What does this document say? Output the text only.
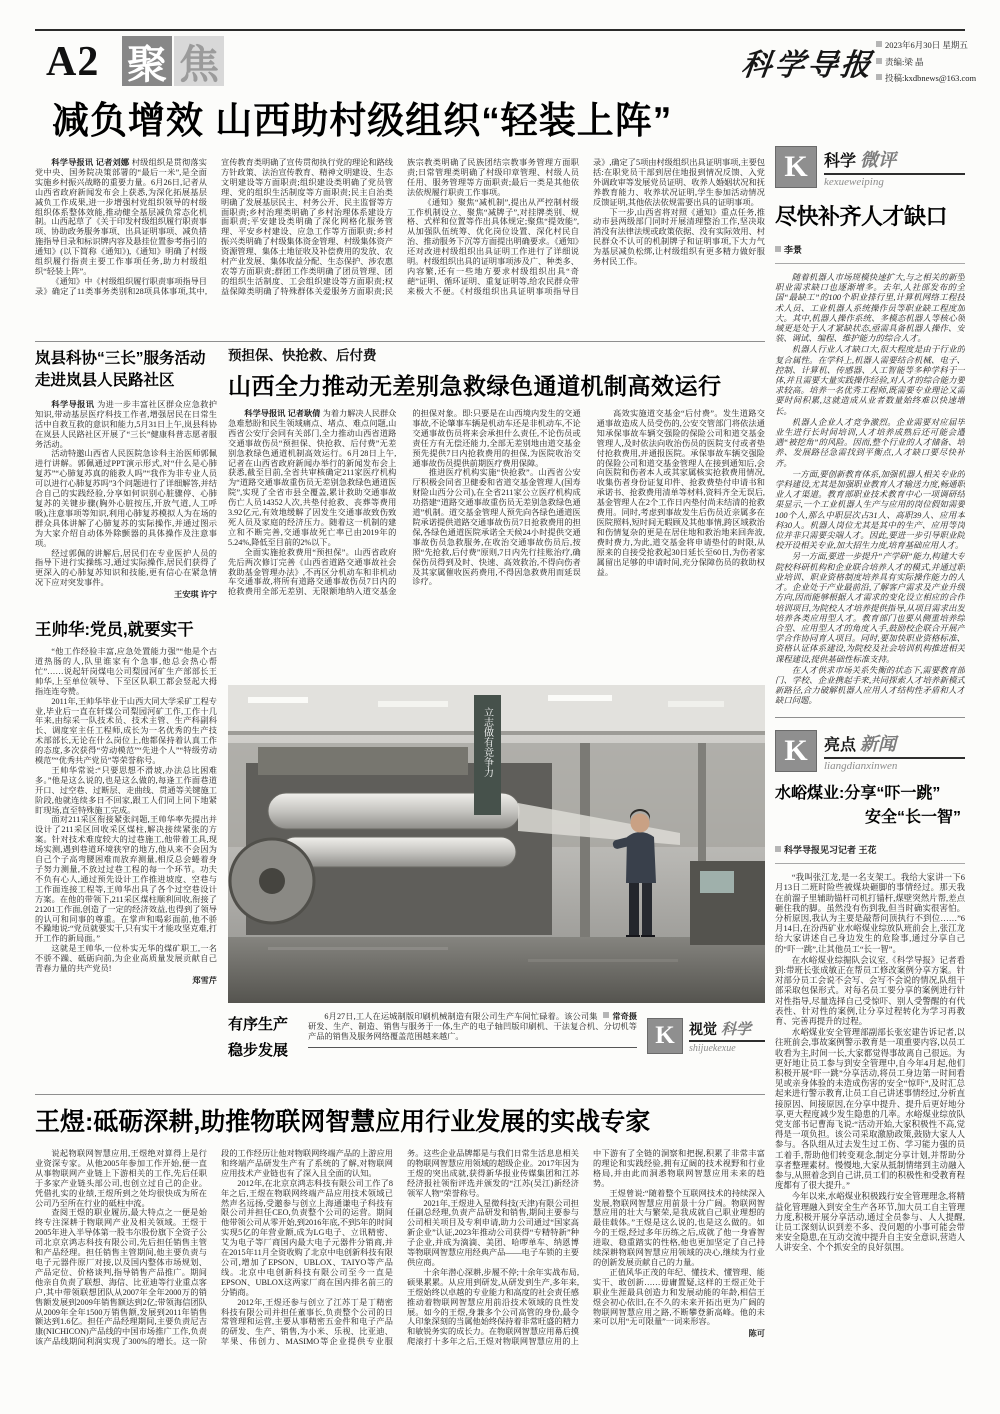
A2 聚 焦	科学导报
2023年6月30日 星期五
责编:梁 晶
投稿:kxdbnews@163.com
减负增效 山西助村级组织“轻装上阵”

科学导报讯 记者刘娜 村级组织是贯彻落实党中央、国务院决策部署的“最后一米”,是全面实施乡村振兴战略的重要力量。6月26日,记者从山西省政府新闻发布会上获悉,为深化拓展基层减负工作成果,进一步增强村党组织领导的村级组织体系整体效能,推动健全基层减负常态化机制。山西起草了《关于印发村级组织履行职责事项、协助政务服务事项、出具证明事项、减负措施指导目录和标识牌内容及悬挂位置参考指引的通知》(以下简称《通知》),《通知》明确了村级组织履行指责主要工作事项任务,助力村级组织“轻装上阵”。

《通知》中《村级组织履行职责事项指导目录》确定了11类事务类别和28项具体事项,其中,宣传教育类明确了宣传贯彻执行党的理论和路线方针政策、法治宣传教育、精神文明建设、生态文明建设等方面职责;组织建设类明确了党员管理、党的组织生活制度等方面职责;民主自治类明确了发展基层民主、村务公开、民主监督等方面职责;乡村治理类明确了乡村治理体系建设方面职责;平安建设类明确了深化网格化服务管理、平安乡村建设、应急工作等方面职责;乡村振兴类明确了村级集体资金管理、村级集体资产资源管理、集体土地征收及补偿费用的发放、农村产业发展、集体收益分配、生态保护、涉农惠农等方面职责;群团工作类明确了团员管理、团的组织生活制度、工会组织建设等方面职责;权益保障类明确了特殊群体关爱服务方面职责;民族宗教类明确了民族团结宗教事务管理方面职责;日常管理类明确了村级印章管理、村级人员任用、服务管理等方面职责;最后一类是其他依法依规履行职责工作事项。

《通知》聚焦“减机制”,提出从严控制村级工作机制设立、聚焦“减牌子”,对挂牌类别、规格、式样和位置等作出具体规定;聚焦“提效能”,从加强队伍统筹、优化岗位设置、深化村民自治、推动服务下沉等方面提出明确要求。《通知》还对改进村级组织出具证明工作进行了详细说明。村级组织出具的证明事项涉及广、种类多、内容繁,还有一些地方要求村级组织出具“奇葩”证明、循环证明、重复证明等,给农民群众带来极大不便。《村级组织出具证明事项指导目录》,确定了5项由村级组织出具证明事项,主要包括:在职党员干部到居住地报到情况反馈、入党外调政审等发展党员证明、收养人婚姻状况和抚养教育能力、收养状况证明,学生参加活动情况反馈证明,其他依法依规需要出具的证明事项。

下一步,山西省将对照《通知》重点任务,推动市县两级部门同时开展清理整治工作,坚决取消没有法律法规或政策依据、没有实际效用、村民群众不认可的机制牌子和证明事项,下大力气为基层减负松绑,让村级组织有更多精力做好服务村民工作。

岚县科协“三长”服务活动
走进岚县人民路社区

科学导报讯 为进一步丰富社区群众应急救护知识,带动基层医疗科技工作者,增强居民在日常生活中自救互救的意识和能力,5月31日上午,岚县科协在岚县人民路社区开展了“三长”健康科普志愿者服务活动。

活动特邀山西省人民医院急诊科主治医师郭佩进行讲解。郭佩通过PPT演示形式,对“什么是心肺复苏”“心肺复苏真的能救人吗”“我作为非专业人员可以进行心肺复苏吗”3个问题进行了详细解答,并结合自己的实践经验,分享如何识别心脏骤停、心肺复苏的关键步骤(胸外心脏按压,开放气道,人工呼吸),注意事项等知识,利用心肺复苏模拟人为在场的群众具体讲解了心肺复苏的实际操作,并通过图示为大家介绍自动体外除颤器的具体操作及注意事项。

经过郭佩的讲解后,居民们在专业医护人员的指导下进行实操练习,通过实际操作,居民们获得了更深入的心肺复苏知识和技能,更有信心在紧急情况下应对突发事件。

王安琪 许宁

王帅华:党员,就要实干

“他工作经验丰富,应急处置能力强”“他是个古道热肠的人,队里谁家有个急事,他总会热心帮忙”……说起轩岗煤电公司梨园河矿生产部部长王帅华,上至单位领导、下至区队职工都会竖起大拇指连连夸赞。

2011年,王帅华毕业于山西大同大学采矿工程专业,毕业后一直在轩煤公司梨园河矿工作,工作十几年来,由综采一队技术员、技术主管、生产科副科长、调度室主任工程师,成长为一名优秀的生产技术部部长,无论在什么岗位上,他都保持着认真工作的态度,多次获得“劳动模范”“先进个人”“特级劳动模范”“优秀共产党员”等荣誉称号。

王帅华常说:“只要思想不滑坡,办法总比困难多。”他是这么说的,也是这么做的,每逢工作面巷道开口、过空巷、过断层、走曲线、贯通等关键施工阶段,他就连续多日不回家,跟工人们同上同下地紧盯现场,直至特殊施工完成。

面对211采区衔接紧张问题,王帅华率先提出并设计了211采区回收采区煤柱,解决接续紧张的方案。针对技术难度较大的过巷施工,他带着工具,现场实测,遇到巷道环境狭窄的地方,他从来不会因为自己个子高弯腰困难而放弃测量,相反总会蜷着身子努力测量,不放过过巷工程的每一个环节。功夫不负有心人,通过预先设计工作推进坡度、空巷与工作面连接工程等,王帅华出具了各个过空巷设计方案。在他的带领下,211采区煤柱顺利回收,衔接了21201工作面,创造了一定的经济效益,也得到了领导的认可和同事的尊重。在掌声和喝彩面前,他不骄不躁地说:“党员就要实干,只有实干才能攻坚克难,打开工作的新局面。”

这就是王帅华,一位朴实无华的煤矿职工,一名不骄不躁、砥砺向前,为企业高质量发展贡献自己青春力量的共产党员!

郑雪芹

预担保、快抢救、后付费
山西全力推动无差别急救绿色通道机制高效运行

科学导报讯 记者耿倩 为着力解决人民群众急难愁盼和民生领域痛点、堵点、难点问题,山西省公安厅会同有关部门,全力推动山西省道路交通事故伤员“预担保、快抢救、后付费”无差别急救绿色通道机制高效运行。6月28日上午,记者在山西省政府新闻办举行的新闻发布会上获悉,截至目前,全省共审核确定211家医疗机构为“道路交通事故重伤员无差别急救绿色通道医院”,实现了全省市县全覆盖,累计救助交通事故伤亡人员14352人次,共垫付抢救、丧葬等费用3.92亿元,有效地缓解了因发生交通事故致伤致死人员及家庭的经济压力。随着这一机制的建立和不断完善,交通事故死亡率已由2019年的5.24%,降低至目前的2%以下。

全面实施抢救费用“预担保”。山西省政府先后两次修订完善《山西省道路交通事故社会救助基金管理办法》,不再区分机动车和非机动车交通事故,将所有道路交通事故伤员7日内的抢救费用全部无差别、无限额地纳入道交基金的担保对象。即:只要是在山西境内发生的交通事故,不论肇事车辆是机动车还是非机动车,不论交通事故伤员将来会承担什么责任,不论伤员或责任方有无偿还能力,全部无差别地由道交基金预先提供7日内抢救费用的担保,为医院收治交通事故伤员提供前期医疗费用保障。

推进医疗机构实施“快抢救”。山西省公安厅积极会同省卫健委和省道交基金管理人(国寿财险山西分公司),在全省211家公立医疗机构成功搭建“道路交通事故重伤员无差别急救绿色通道”机制。道交基金管理人预先向各绿色通道医院承诺提供道路交通事故伤员7日抢救费用的担保,各绿色通道医院承诺全天候24小时提供交通事故伤员急救服务,在收治交通事故伤员后,按照“先抢救,后付费”原则,7日内先行挂账治疗,确保伤员得到及时、快速、高效救治,不得向伤者及其家属催收医药费用,不得因急救费用而延误诊疗。

高效实施道交基金“后付费”。发生道路交通事故造成人员受伤的,公安交管部门将依法通知承保事故车辆交强险的保险公司和道交基金管理人,及时依法向收治伤员的医院支付或者垫付抢救费用,并通报医院。承保事故车辆交强险的保险公司和道交基金管理人在接到通知后,会向医院和伤者本人或其家属核实抢救费用情况,收集伤者身份证复印件、抢救费垫付申请书和承诺书、抢救费用清单等材料,资料齐全无误后,基金管理人在2个工作日内垫付尚未结清的抢救费用。同时,考虑到事故发生后伤员近亲属多在医院照料,短时间无暇顾及其他事情,跨区域救治和伤情复杂的更是在居住地和救治地来回奔波,费时费力,为此,道交基金将申请垫付的时限,从原来的自接受抢救起30日延长至60日,为伤者家属留出足够的申请时间,充分保障伤员的救助权益。

立志做有竞争力
有序生产
稳步发展
常奇摄
6月27日,工人在运城制版印刷机械制造有限公司生产车间忙碌着。该公司集研发、生产、制造、销售与服务于一体,生产的电子轴凹版印刷机、干法复合机、分切机等产品的销售及服务网络覆盖范围越来越广。	K	视觉 科学
shijuekexue
王煜:砥砺深耕,助推物联网智慧应用行业发展的实战专家

说起物联网智慧应用,王煜绝对算得上是行业资深专家。从他2005年参加工作开始,便一直从事物联网产业链上下游相关的工作,先后任职于多家产业链头部公司,也创立过自己的企业。凭借扎实的业绩,王煜所到之处均很快成为所在公司乃至所在行业的砥柱中流。

查阅王煜的职业履历,最大特点之一便是始终专注深耕于物联网产业及相关领域。王煜于2005年进入半导体第一股韦尔股份旗下全资子公司北京京鸿志科技有限公司,先后担任销售主管和产品经理。担任销售主管期间,他主要负责与电子元器件原厂对接,以及国内整体市场规划、产品定位、价格谈判,指导销售产品推广。期间他亲自负责了联想、海信、比亚迪等行业重点客户,其中带领联想团队从2007年全年2000万的销售额发展到2009年销售额达到2亿;带领海信团队从2009年全年1500万销售额,发展到2011年销售额达到1.6亿。担任产品经理期间,主要负责尼吉康(NICHICON)产品线的中国市场推广工作,负责该产品线期间利润实现了300%的增长。这一阶段的工作经历让他对物联网终端产品的上游应用和终端产品研发生产有了系统的了解,对物联网应用技术产业链也有了深入且全面的认知。

2012年,在北京京鸿志科技有限公司工作了8年之后,王煜在物联网终端产品应用技术领域已然声名远扬,受邀参与创立上海通谦电子科技有限公司并担任CEO,负责整个公司的运营。期间他带领公司从零开始,到2016年底,不到5年的时间实现5亿的年营业额,成为LG电子、立讯精密、艾为电子等厂商国内最大电子元器件分销商,并在2015年11月全资收购了北京中电创新科技有限公司,增加了EPSON、UBLOX、TAIYO等产品线。北京中电创新科技有限公司至今一直是EPSON、UBLOX这两家厂商在国内排名前三的分销商。

2012年,王煜还参与创立了江苏丁是丁精密科技有限公司并担任董事长,负责整个公司的日常管理和运营,主要从事精密五金件和电子产品的研发、生产、销售,为小米、乐视、比亚迪、苹果、伟创力、MASIMO等企业提供专业服务。这些企业品牌都是与我们日常生活息息相关的物联网智慧应用领域的超级企业。2017年因为王煜的突出成就,获得新华报业传媒集团和江苏经济报社领衔评选并颁发的“江苏(吴江)新经济领军人物”荣誉称号。

2021年,王煜进入星微科技(天津)有限公司担任副总经理,负责产品研发和销售,期间主要参与公司相关项目及专利申请,助力公司通过“国家高新企业”认证,2023年推动公司获得“专精特新”种子企业,并成为滴滴、美团、哈啰单车、纳恩博等物联网智慧应用经典产品——电子车锁的主要供应商。

十余年潜心深耕,步履不停;十余年实战布局,硕果累累。从应用到研发,从研发到生产,多年来,王煜始终以卓越的专业能力和高度的社会责任感推动着物联网智慧应用前沿技术领域的良性发展。如今的王煜,身兼多个公司高管的身份,最令人印象深刻的当属他始终保持着非常旺盛的精力和敏锐务实的成长力。在物联网智慧应用幕后摸爬滚打十多年之后,王煜对物联网智慧应用的上中下游有了全链的洞察和把握,积累了非常丰富的理论和实践经验,拥有辽阔的技术视野和行业格局,并由此而洞悉物联网智慧应用未来的趋势。

王煜曾说:“随着整个互联网技术的持续深入发展,物联网智慧应用前景十分广阔。物联网智慧应用的壮大与繁荣,是我成就自己职业理想的最佳载体。”王煜是这么说的,也是这么做的。如今的王煜,经过多年历练之后,成就了他一身睿智进取、稳重踏实的性格,他也更加坚定了自己持续深耕物联网智慧应用领域的决心,继续为行业的创新发展贡献自己的力量。

正值风华正茂的年纪、懂技术、懂管理、能实干、敢创新……毋庸置疑,这样的王煜正处于职业生涯最具创造力和发展动能的年龄,相信王煜会初心依旧,在不久的未来开拓出更为广阔的物联网智慧应用之路,不断攀登新高峰。他的未来可以用“无可限量”一词来形容。

陈可

K	科学 微评
kexueweiping
尽快补齐人才缺口
李景

随着机器人市场规模快速扩大,与之相关的新型职业需求缺口也逐渐增多。去年,人社部发布的全国“最缺工”的100个职业排行里,计算机网络工程技术人员、工业机器人系统操作员等职业缺工程度加大。其中,机器人操作系统、多模态机器人等核心领域更是处于人才紧缺状态,亟需具备机器人操作、安装、调试、编程、维护能力的综合人才。

机器人行业人才缺口大,很大程度是由于行业的复合属性。在学科上,机器人需要结合机械、电子、控制、计算机、传感器、人工智能等多种学科于一体,并且需要大量实践操作经验,对人才的综合能力要求较高。培养一名优秀工程师,既需要专业理论又需要时间积累,这就造成从业者数量始终难以快速增长。

机器人企业人才竞争激烈。企业需要对应届毕业生进行长时间培训,人才培养成熟后还可能会遭遇“被挖角”的风险。因而,整个行业的人才储备、培养、发展路径急需找到平衡点,人才缺口要尽快补齐。

一方面,要创新教育体系,加强机器人相关专业的学科建设,尤其是加强职业教育人才输送力度,畅通职业人才渠道。教育部职业技术教育中心一项调研结果显示,一个工业机器人生产与应用的岗位假如需要100个人,那么中职层次占31人、高职39人、应用本科30人。机器人岗位尤其是其中的生产、应用等岗位并非只需要尖端人才。因此,要进一步引导职业院校开设相关专业,加大招生力度,培育基础应用人才。

另一方面,要进一步提升“产学研”能力,构建大专院校科研机构和企业联合培养人才的模式,并通过职业培训、职业资格制度培养具有实际操作能力的人才。企业处于产业最前沿,了解客户需求及产业升级方向,因而能够根据人才需求的变化设立相应的合作培训项目,为院校人才培养提供指导,从项目需求出发培养各类应用型人才。教育部门也要从侧重培养综合型、应用型人才的角度入手,鼓励校企联合开展产学合作协同育人项目。同时,要加快职业资格标准、资格认证体系建设,为院校及社会培训机构推进相关课程建设,提供基础性标准支持。

在人才供求市场关系失衡的状态下,需要教育部门、学校、企业携起手来,共同探索人才培养新模式新路径,合力破解机器人应用人才结构性矛盾和人才缺口问题。

K	亮点 新闻
liangdianxinwen
水峪煤业:分享“吓一跳”
安全“长一智”
科学导报见习记者 王花

“我叫张江龙,是一名支架工。我给大家讲一下6月13日二班时险些被煤块砸脚的事情经过。那天我在前溜子里辅助锚杆司机打锚杆,煤壁突然片帮,差点砸住我的脚。虽然没有伤到我,但当时确实很害怕。分析原因,我认为主要是敲帮问顶执行不到位……”6月14日,在汾西矿业水峪煤业综放队班前会上,张江龙给大家讲述自己身边发生的危险事,通过分享自己的“吓一跳”,让其他员工“长一智”。

在水峪煤业综掘队会议室,《科学导报》记者看到:带班长张成敏正在帮员工修改案例分享方案。针对部分员工会说不会写、会写不会说的情况,队组干部采取包保形式。对每名员工要分享的案例进行针对性指导,尽量选择自己受惊吓、别人受警醒的有代表性、针对性的案例,让分享过程转化为学习再教育、完善再提升的过程。

水峪煤业安全管理部副部长张宏建告诉记者,以往班前会,事故案例警示教育是一项重要内容,以员工收看为主,时间一长,大家都觉得事故离自己很远。为更好地让员工参与到安全管理中,自今年4月起,他们积极开展“吓一跳”分享活动,将员工身边第一时间看见或亲身体验的未造成伤害的安全“惊吓”,及时汇总起来进行警示教育,让员工自己讲述事情经过,分析直接原因、间接原因,在分享中提升、提升后更好地分享,更大程度减少发生隐患的几率。水峪煤业综放队党支部书记曹海飞说:“活动开始,大家积极性不高,觉得是一项负担。该公司采取激励政策,鼓励大家人人参与。各队组从过去发生过工伤、学习能力强的员工着手,帮助他们转变观念,制定分享计划,并帮助分享者整理素材。慢慢地,大家从抵制情绪到主动融入参与,从照着念到自己讲,员工们的积极性和受教育程度都有了很大提升。”

今年以来,水峪煤业积极践行安全管理理念,将精益化管理融入到安全生产各环节,加大员工自主管理力度,积极开展分享活动,通过全员参与、人人提醒,让员工深刻认识到差不多、没问题的小事可能会带来安全隐患,在互动交流中提升自主安全意识,营造人人讲安全、个个抓安全的良好氛围。
